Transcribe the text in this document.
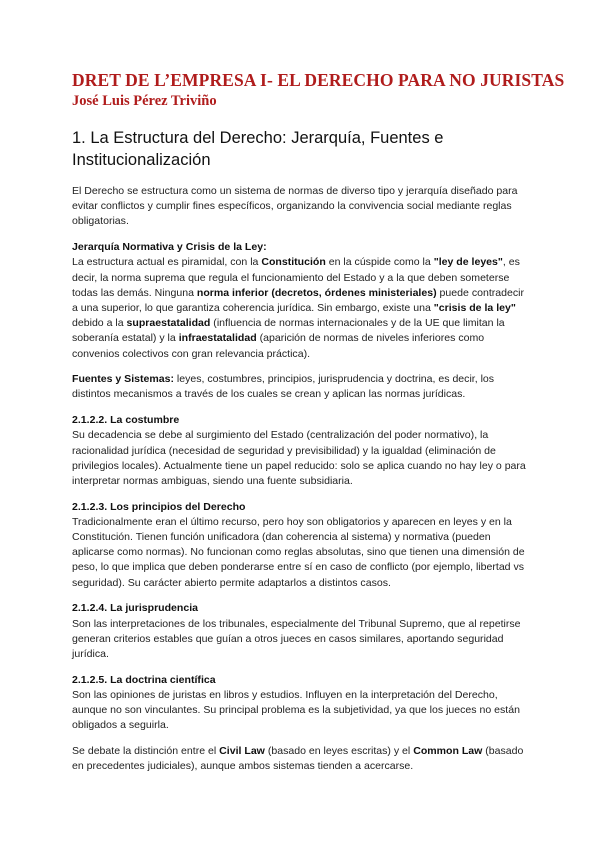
DRET DE L’EMPRESA I- EL DERECHO PARA NO JURISTAS

José Luis Pérez Triviño

1. La Estructura del Derecho: Jerarquía, Fuentes e Institucionalización

El Derecho se estructura como un sistema de normas de diverso tipo y jerarquía diseñado para evitar conflictos y cumplir fines específicos, organizando la convivencia social mediante reglas obligatorias.

Jerarquía Normativa y Crisis de la Ley:

La estructura actual es piramidal, con la Constitución en la cúspide como la "ley de leyes", es decir, la norma suprema que regula el funcionamiento del Estado y a la que deben someterse todas las demás. Ninguna norma inferior (decretos, órdenes ministeriales) puede contradecir a una superior, lo que garantiza coherencia jurídica. Sin embargo, existe una "crisis de la ley" debido a la supraestatalidad (influencia de normas internacionales y de la UE que limitan la soberanía estatal) y la infraestatalidad (aparición de normas de niveles inferiores como convenios colectivos con gran relevancia práctica).

Fuentes y Sistemas: leyes, costumbres, principios, jurisprudencia y doctrina, es decir, los distintos mecanismos a través de los cuales se crean y aplican las normas jurídicas.

2.1.2.2. La costumbre

Su decadencia se debe al surgimiento del Estado (centralización del poder normativo), la racionalidad jurídica (necesidad de seguridad y previsibilidad) y la igualdad (eliminación de privilegios locales). Actualmente tiene un papel reducido: solo se aplica cuando no hay ley o para interpretar normas ambiguas, siendo una fuente subsidiaria.

2.1.2.3. Los principios del Derecho

Tradicionalmente eran el último recurso, pero hoy son obligatorios y aparecen en leyes y en la Constitución. Tienen función unificadora (dan coherencia al sistema) y normativa (pueden aplicarse como normas). No funcionan como reglas absolutas, sino que tienen una dimensión de peso, lo que implica que deben ponderarse entre sí en caso de conflicto (por ejemplo, libertad vs seguridad). Su carácter abierto permite adaptarlos a distintos casos.

2.1.2.4. La jurisprudencia

Son las interpretaciones de los tribunales, especialmente del Tribunal Supremo, que al repetirse generan criterios estables que guían a otros jueces en casos similares, aportando seguridad jurídica.

2.1.2.5. La doctrina científica

Son las opiniones de juristas en libros y estudios. Influyen en la interpretación del Derecho, aunque no son vinculantes. Su principal problema es la subjetividad, ya que los jueces no están obligados a seguirla.

Se debate la distinción entre el Civil Law (basado en leyes escritas) y el Common Law (basado en precedentes judiciales), aunque ambos sistemas tienden a acercarse.
